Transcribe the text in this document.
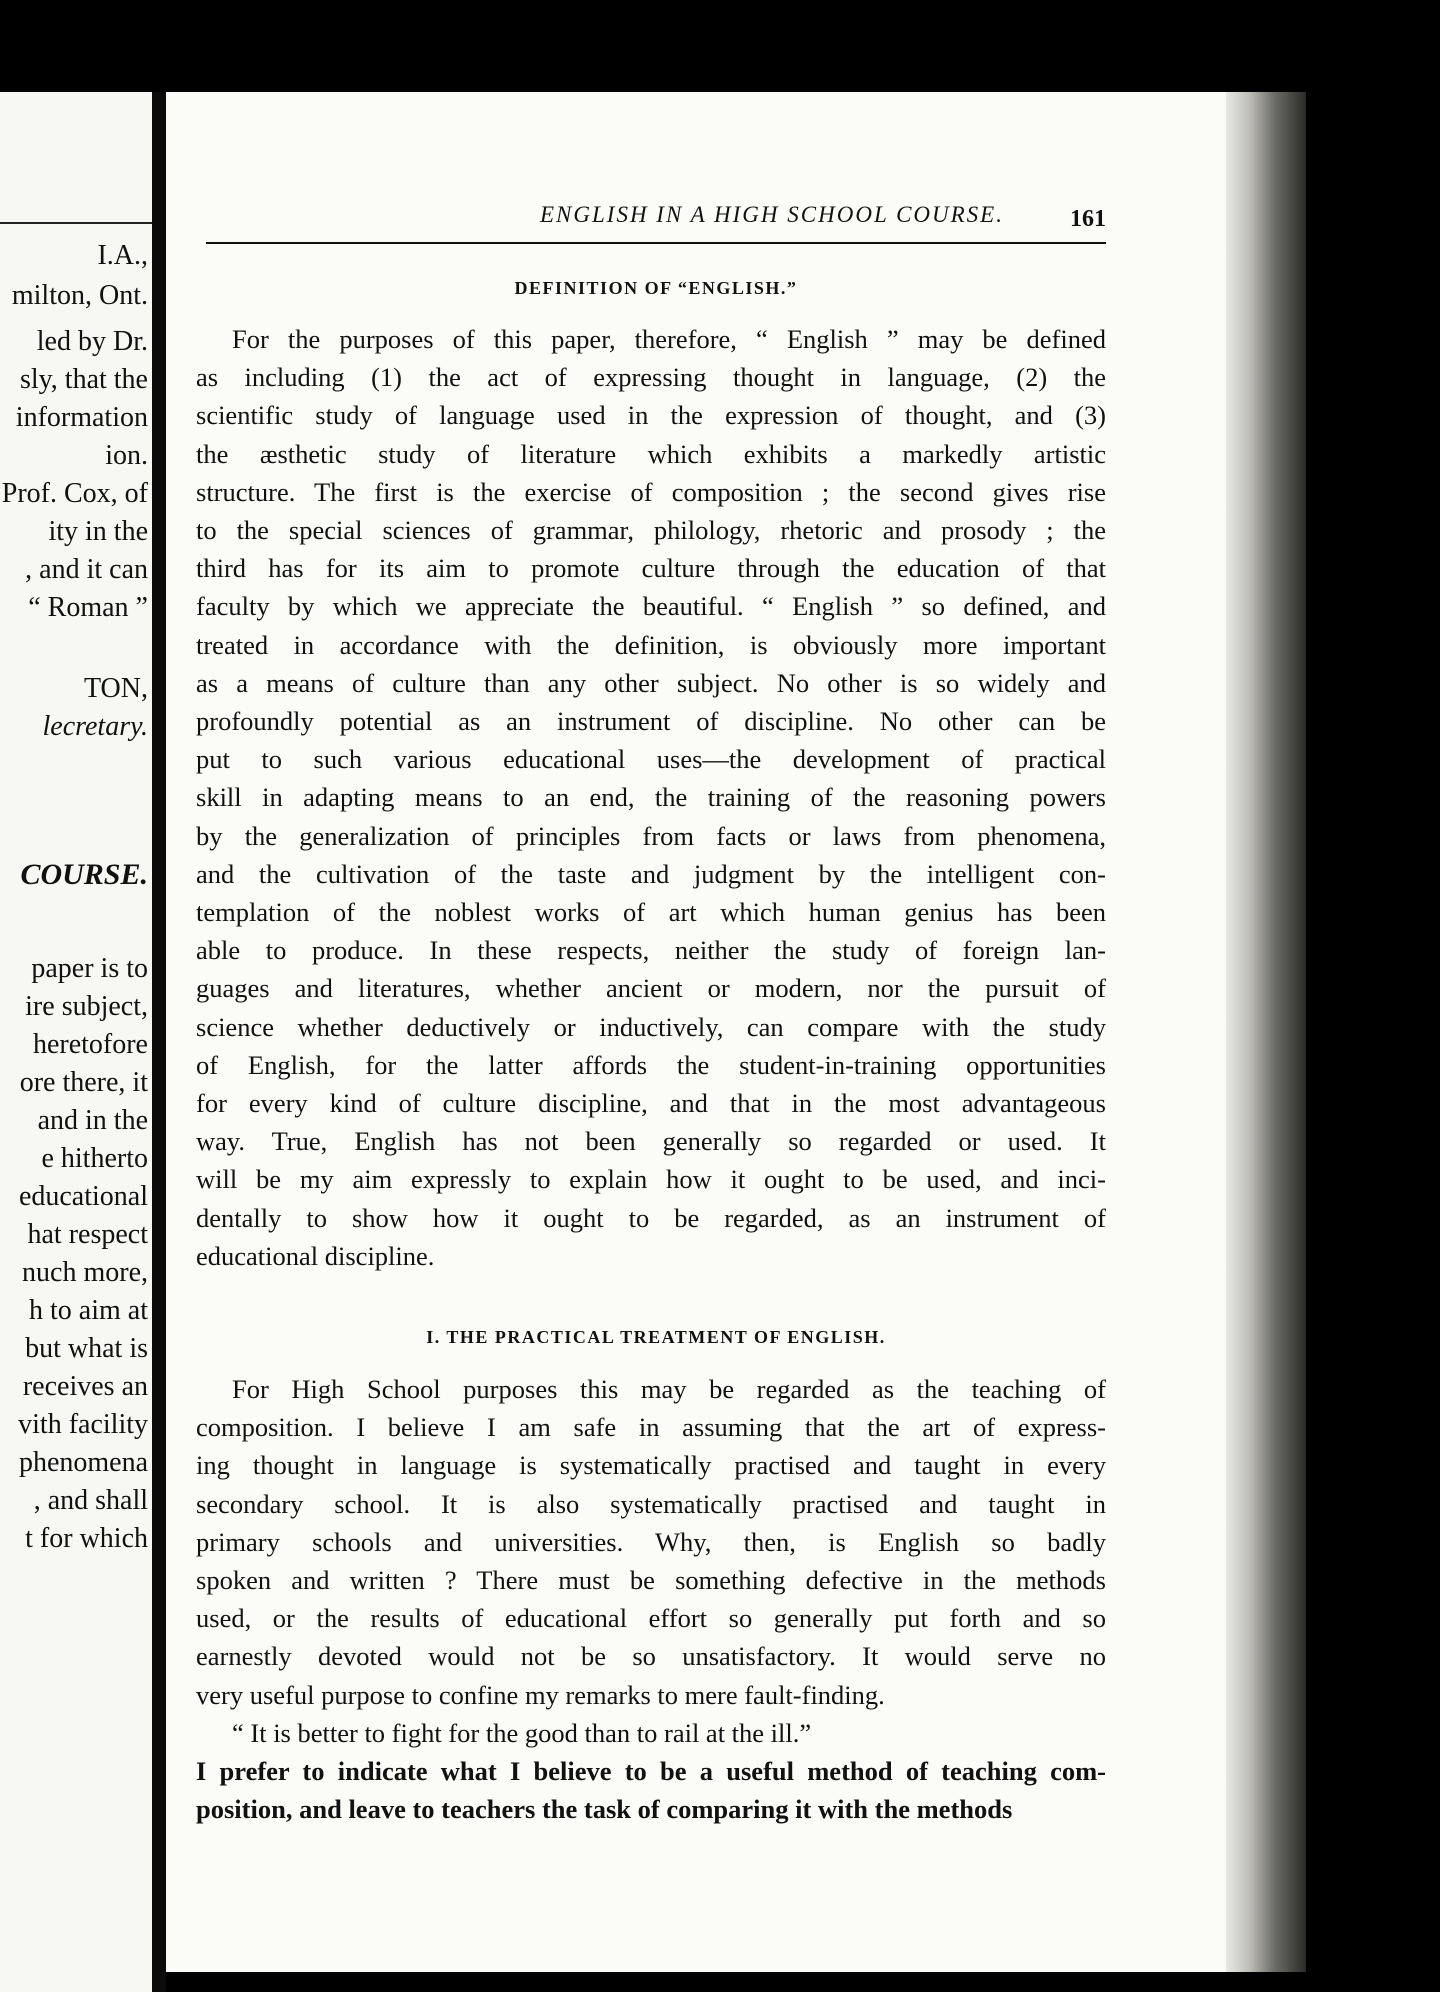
I.A.,
milton, Ont.
led by Dr.
sly, that the
information
ion.
Prof. Cox, of
ity in the
, and it can
“ Roman ”
TON,
lecretary.
COURSE.
paper is to
ire subject,
heretofore
ore there, it
and in the
e hitherto
educational
hat respect
nuch more,
h to aim at
but what is
receives an
vith facility
phenomena
, and shall
t for which
ENGLISH IN A HIGH SCHOOL COURSE.	161
DEFINITION OF “ENGLISH.”
For the purposes of this paper, therefore, “ English ” may be defined
as including (1) the act of expressing thought in language, (2) the
scientific study of language used in the expression of thought, and (3)
the æsthetic study of literature which exhibits a markedly artistic
structure. The first is the exercise of composition ; the second gives rise
to the special sciences of grammar, philology, rhetoric and prosody ; the
third has for its aim to promote culture through the education of that
faculty by which we appreciate the beautiful. “ English ” so defined, and
treated in accordance with the definition, is obviously more important
as a means of culture than any other subject. No other is so widely and
profoundly potential as an instrument of discipline. No other can be
put to such various educational uses—the development of practical
skill in adapting means to an end, the training of the reasoning powers
by the generalization of principles from facts or laws from phenomena,
and the cultivation of the taste and judgment by the intelligent con-
templation of the noblest works of art which human genius has been
able to produce. In these respects, neither the study of foreign lan-
guages and literatures, whether ancient or modern, nor the pursuit of
science whether deductively or inductively, can compare with the study
of English, for the latter affords the student-in-training opportunities
for every kind of culture discipline, and that in the most advantageous
way. True, English has not been generally so regarded or used. It
will be my aim expressly to explain how it ought to be used, and inci-
dentally to show how it ought to be regarded, as an instrument of
educational discipline.
I. THE PRACTICAL TREATMENT OF ENGLISH.
For High School purposes this may be regarded as the teaching of
composition. I believe I am safe in assuming that the art of express-
ing thought in language is systematically practised and taught in every
secondary school. It is also systematically practised and taught in
primary schools and universities. Why, then, is English so badly
spoken and written ? There must be something defective in the methods
used, or the results of educational effort so generally put forth and so
earnestly devoted would not be so unsatisfactory. It would serve no
very useful purpose to confine my remarks to mere fault-finding.
“ It is better to fight for the good than to rail at the ill.”
I prefer to indicate what I believe to be a useful method of teaching com-
position, and leave to teachers the task of comparing it with the methods
